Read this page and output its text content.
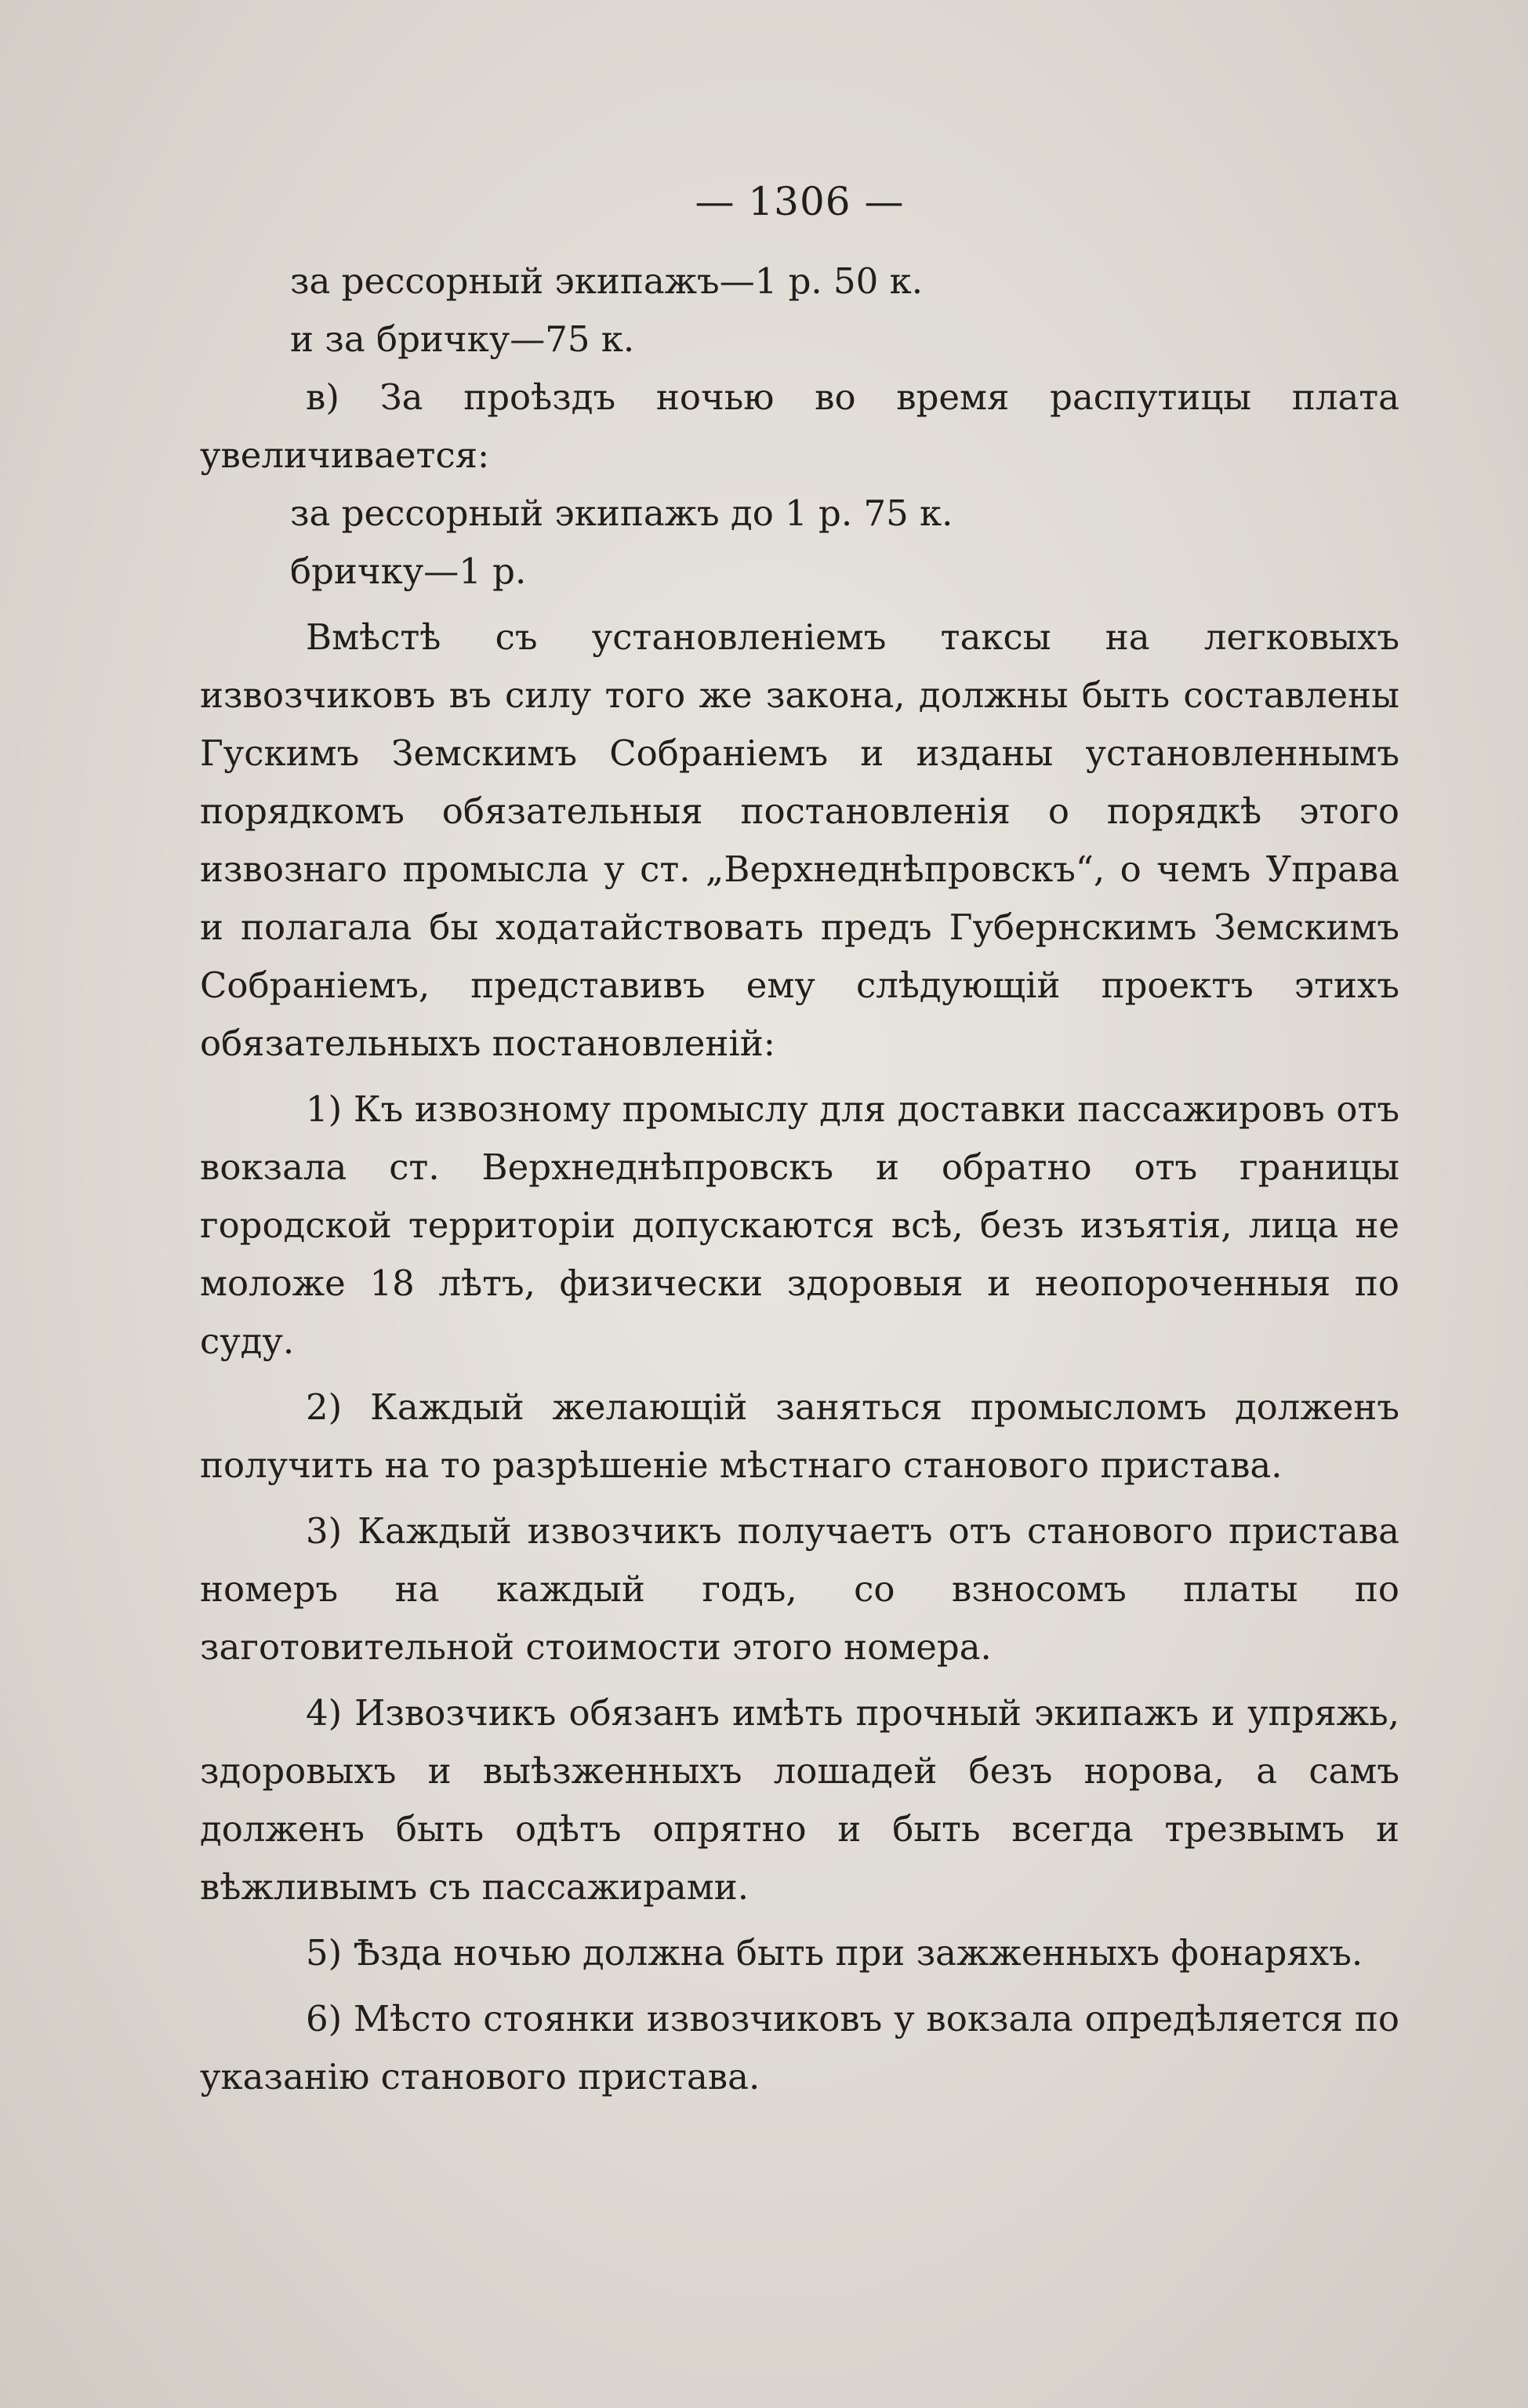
— 1306 —
за рессорный экипажъ—1 р. 50 к.
и за бричку—75 к.
в) За проѣздъ ночью во время распутицы плата увеличивается:
за рессорный экипажъ до 1 р. 75 к.
бричку—1 р.
Вмѣстѣ съ установленіемъ таксы на легковыхъ извозчиковъ въ силу того же закона, должны быть составлены Гускимъ Земскимъ Собраніемъ и изданы установленнымъ порядкомъ обязательныя постановленія о порядкѣ этого извознаго промысла у ст. „Верхнеднѣпровскъ“, о чемъ Управа и полагала бы ходатайствовать предъ Губернскимъ Земскимъ Собраніемъ, представивъ ему слѣдующій проектъ этихъ обязательныхъ постановленій:
1) Къ извозному промыслу для доставки пассажировъ отъ вокзала ст. Верхнеднѣпровскъ и обратно отъ границы городской территоріи допускаются всѣ, безъ изъятія, лица не моложе 18 лѣтъ, физически здоровыя и неопороченныя по суду.
2) Каждый желающій заняться промысломъ долженъ получить на то разрѣшеніе мѣстнаго станового пристава.
3) Каждый извозчикъ получаетъ отъ станового пристава номеръ на каждый годъ, со взносомъ платы по заготовительной стоимости этого номера.
4) Извозчикъ обязанъ имѣть прочный экипажъ и упряжь, здоровыхъ и выѣзженныхъ лошадей безъ норова, а самъ долженъ быть одѣтъ опрятно и быть всегда трезвымъ и вѣжливымъ съ пассажирами.
5) Ѣзда ночью должна быть при зажженныхъ фонаряхъ.
6) Мѣсто стоянки извозчиковъ у вокзала опредѣляется по указанію станового пристава.
